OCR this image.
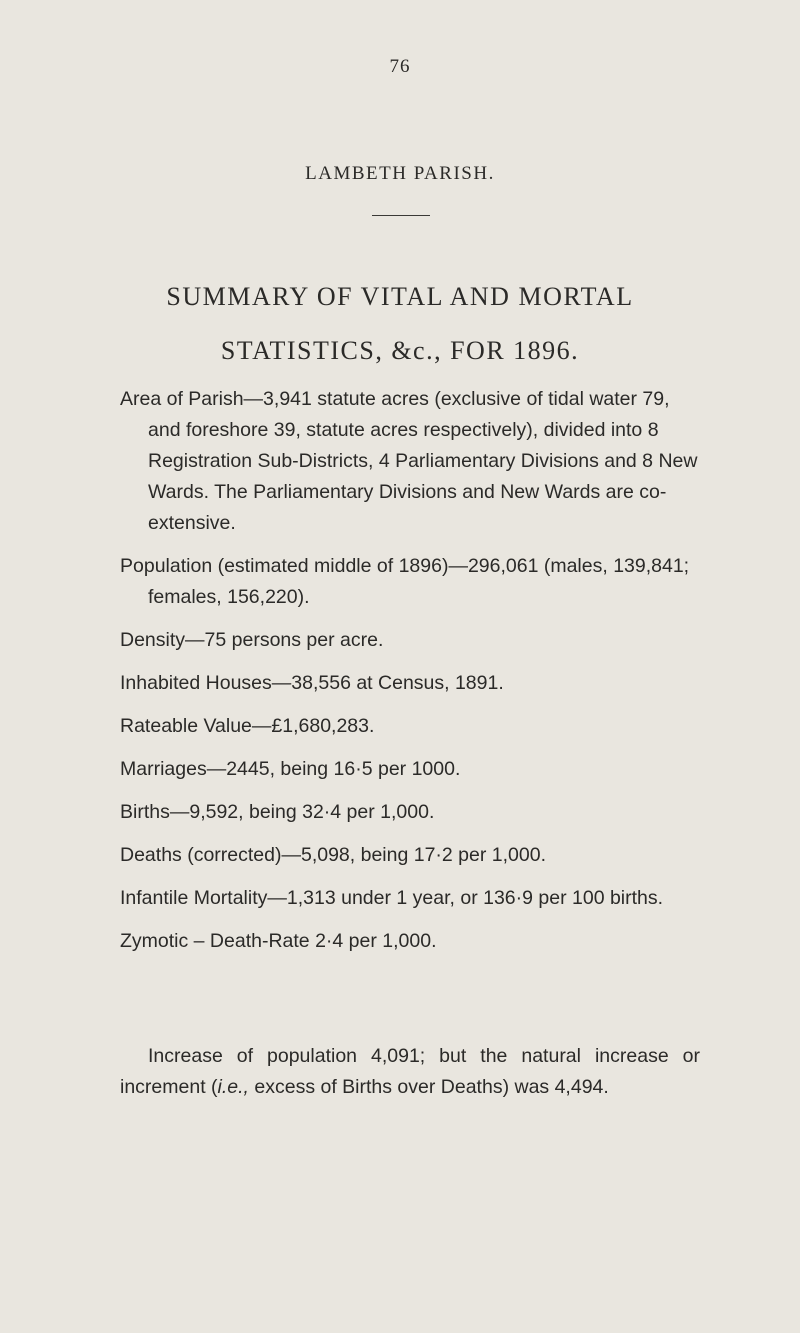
76
LAMBETH PARISH.
SUMMARY OF VITAL AND MORTAL
STATISTICS, &c., FOR 1896.

Area of Parish—3,941 statute acres (exclusive of tidal water 79, and foreshore 39, statute acres respectively), divided into 8 Registration Sub-Districts, 4 Parliamentary Divisions and 8 New Wards. The Parliamentary Divisions and New Wards are co-extensive.

Population (estimated middle of 1896)—296,061 (males, 139,841; females, 156,220).

Density—75 persons per acre.

Inhabited Houses—38,556 at Census, 1891.

Rateable Value—£1,680,283.

Marriages—2445, being 16·5 per 1000.

Births—9,592, being 32·4 per 1,000.

Deaths (corrected)—5,098, being 17·2 per 1,000.

Infantile Mortality—1,313 under 1 year, or 136·9 per 100 births.

Zymotic – Death-Rate 2·4 per 1,000.

Increase of population 4,091; but the natural increase or increment (i.e., excess of Births over Deaths) was 4,494.
